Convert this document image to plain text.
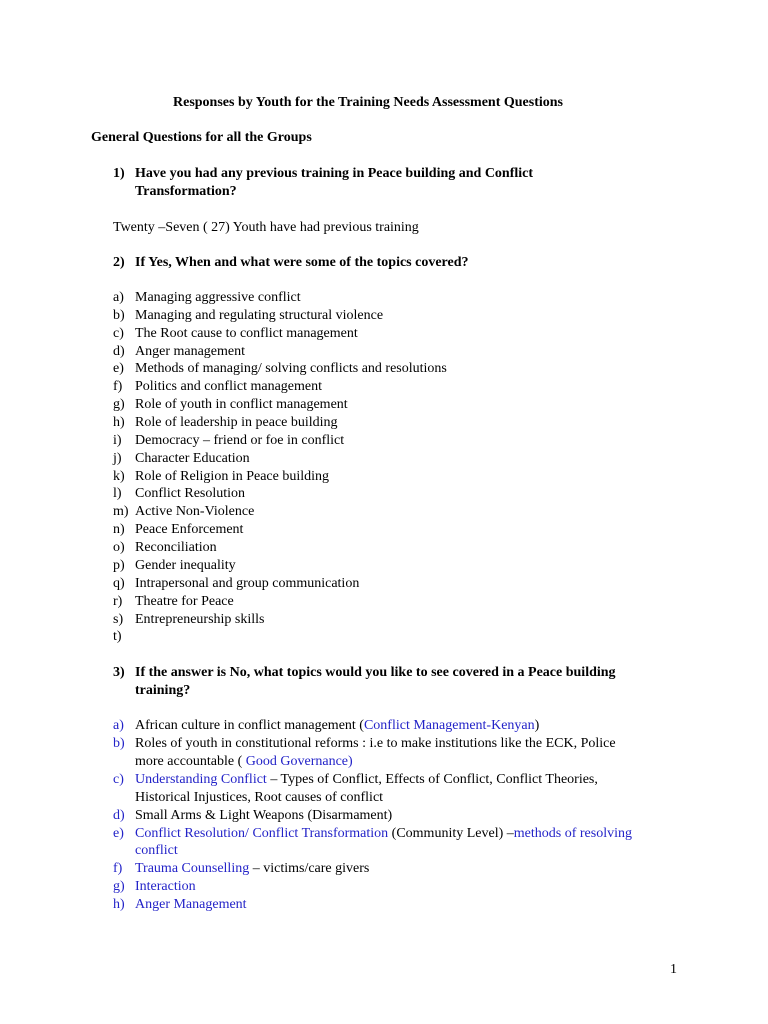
Responses by Youth for the Training Needs Assessment Questions
General Questions for all the Groups
1) Have you had any previous training in Peace building and Conflict
Transformation?
Twenty –Seven ( 27) Youth have had previous training
2) If Yes, When and what were some of the topics covered?
a) Managing aggressive conflict
b) Managing and regulating structural violence
c) The Root cause to conflict management
d) Anger management
e) Methods of managing/ solving conflicts and resolutions
f) Politics and conflict management
g) Role of youth in conflict management
h) Role of leadership in peace building
i) Democracy – friend or foe in conflict
j) Character Education
k) Role of Religion in Peace building
l) Conflict Resolution
m) Active Non-Violence
n) Peace Enforcement
o) Reconciliation
p) Gender inequality
q) Intrapersonal and group communication
r) Theatre for Peace
s) Entrepreneurship skills
t)
3) If the answer is No, what topics would you like to see covered in a Peace building
training?
a) African culture in conflict management (Conflict Management-Kenyan)
b) Roles of youth in constitutional reforms : i.e to make institutions like the ECK, Police
more accountable ( Good Governance)
c) Understanding Conflict – Types of Conflict, Effects of Conflict, Conflict Theories,
Historical Injustices, Root causes of conflict
d) Small Arms & Light Weapons (Disarmament)
e) Conflict Resolution/ Conflict Transformation (Community Level) –methods of resolving
conflict
f) Trauma Counselling – victims/care givers
g) Interaction
h) Anger Management
1
